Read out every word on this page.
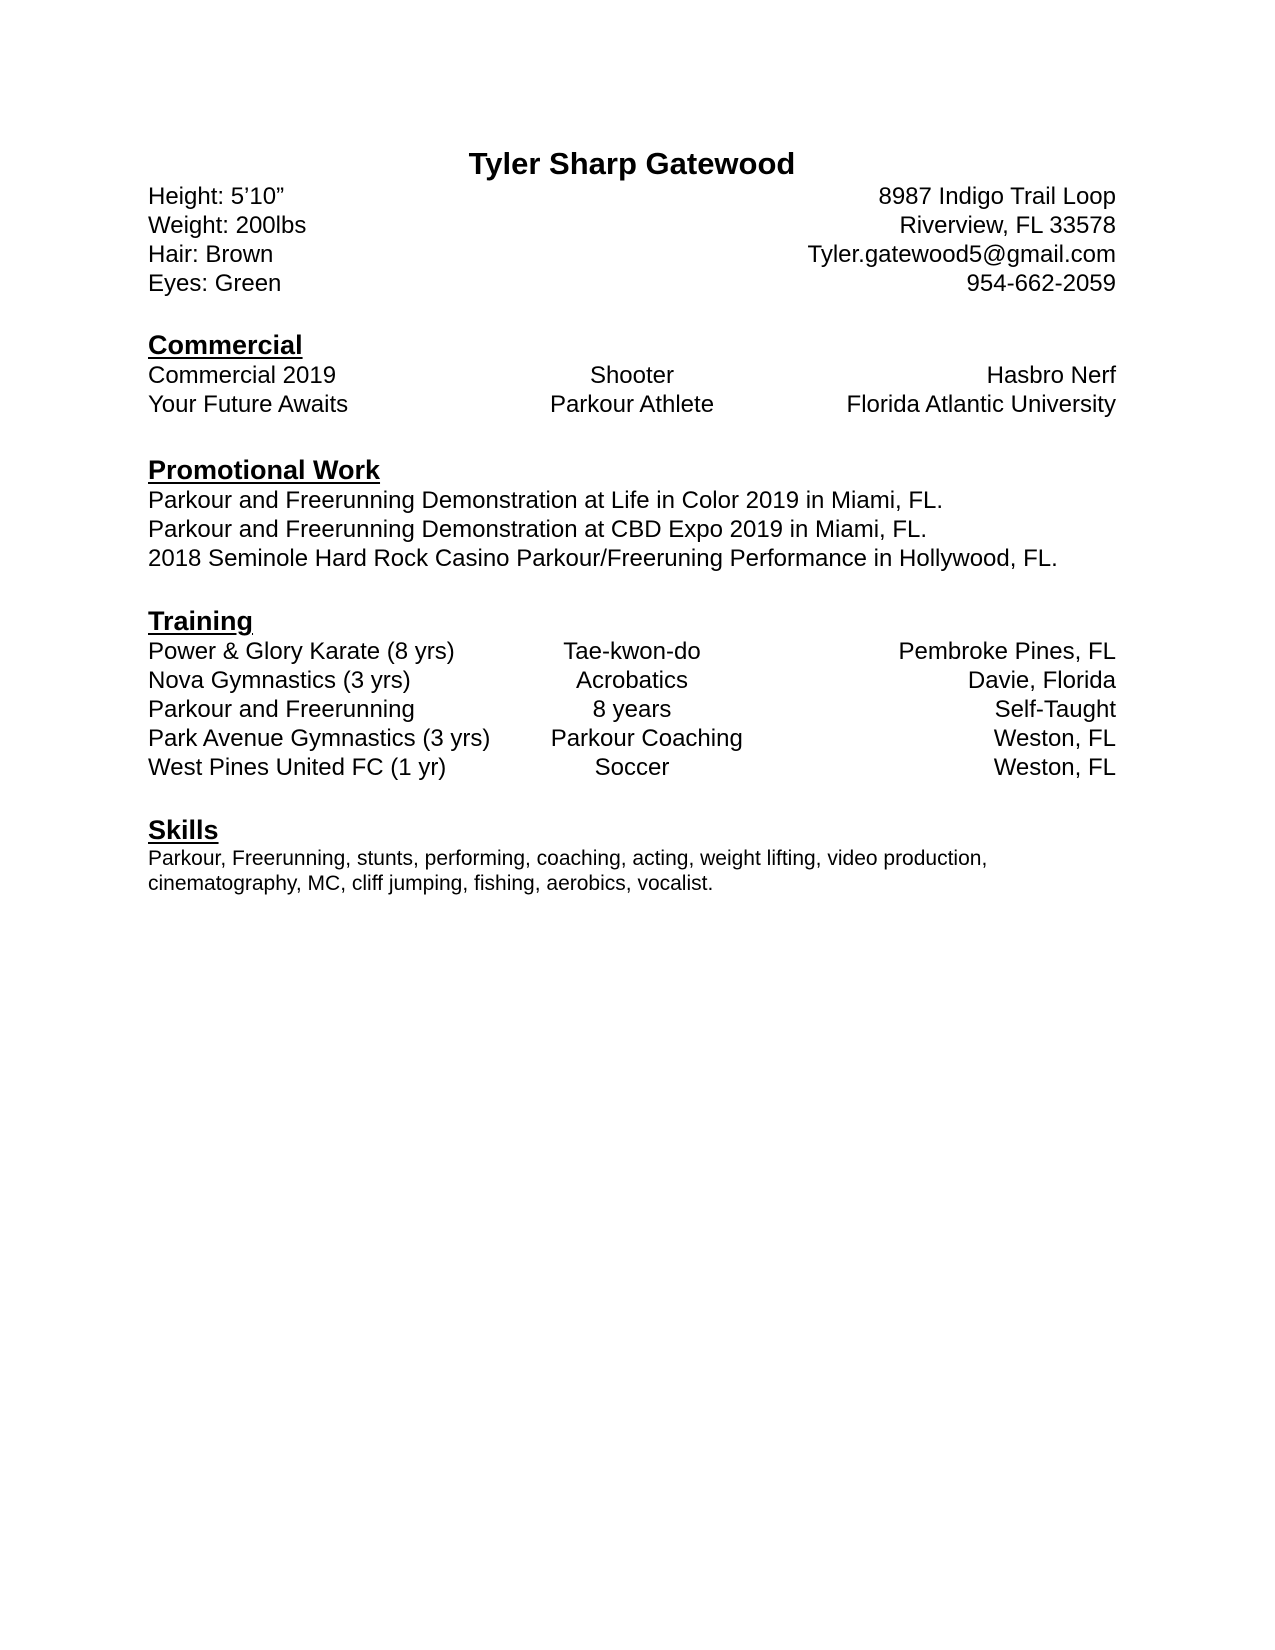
Tyler Sharp Gatewood
Height: 5’10”
Weight: 200lbs
Hair: Brown
Eyes: Green
8987 Indigo Trail Loop
Riverview, FL 33578
Tyler.gatewood5@gmail.com
954-662-2059
Commercial
Commercial 2019	Shooter	Hasbro Nerf
Your Future Awaits	Parkour Athlete	Florida Atlantic University
Promotional Work
Parkour and Freerunning Demonstration at Life in Color 2019 in Miami, FL.
Parkour and Freerunning Demonstration at CBD Expo 2019 in Miami, FL.
2018 Seminole Hard Rock Casino Parkour/Freeruning Performance in Hollywood, FL.
Training
Power & Glory Karate (8 yrs)	Tae-kwon-do	Pembroke Pines, FL
Nova Gymnastics (3 yrs)	Acrobatics	Davie, Florida
Parkour and Freerunning	8 years	Self-Taught
Park Avenue Gymnastics (3 yrs)	Parkour Coaching	Weston, FL
West Pines United FC (1 yr)	Soccer	Weston, FL
Skills
Parkour, Freerunning, stunts, performing, coaching, acting, weight lifting, video production, cinematography, MC, cliff jumping, fishing, aerobics, vocalist.
